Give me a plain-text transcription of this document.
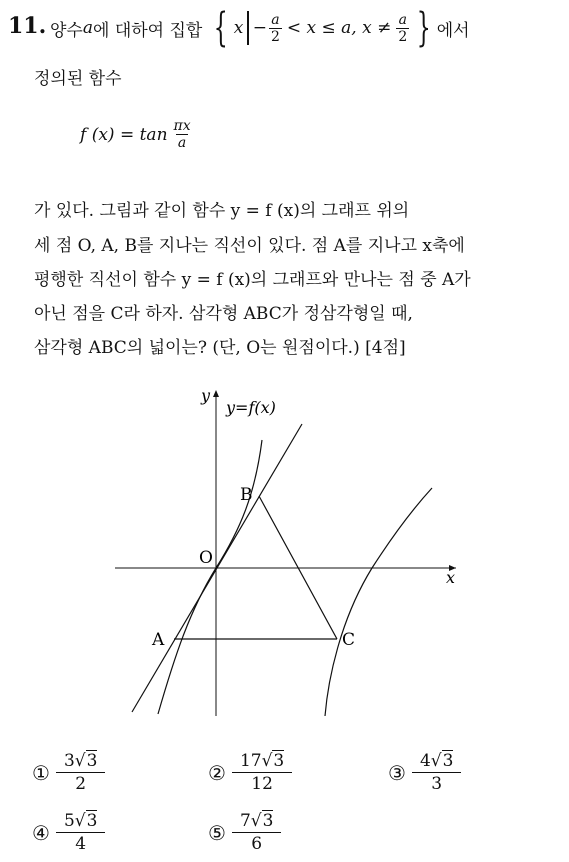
11. 양수 a 에 대하여 집합 { $x - \frac{a}{2} < x \le a$, $x \ne \frac{a}{2}$ } 에서
정의된 함수
f $(x) = \tan \frac{\pi x}{a}$
가 있다. 그림과 같이 함수 y = f (x)의 그래프 위의
세 점 O, A, B를 지나는 직선이 있다. 점 A를 지나고 x축에
평행한 직선이 함수 y = f (x)의 그래프와 만나는 점 중 A가
아닌 점을 C라 하자. 삼각형 ABC가 정삼각형일 때,
삼각형 ABC의 넓이는? (단, O는 원점이다.) [4점]
y
x
y=f(x)
O
A
B
C
① $\frac{3√3}{2}$	② $\frac{17√3}{12}$	③ $\frac{4√3}{3}$
④ $\frac{5√3}{4}$	⑤ $\frac{7√3}{6}$
